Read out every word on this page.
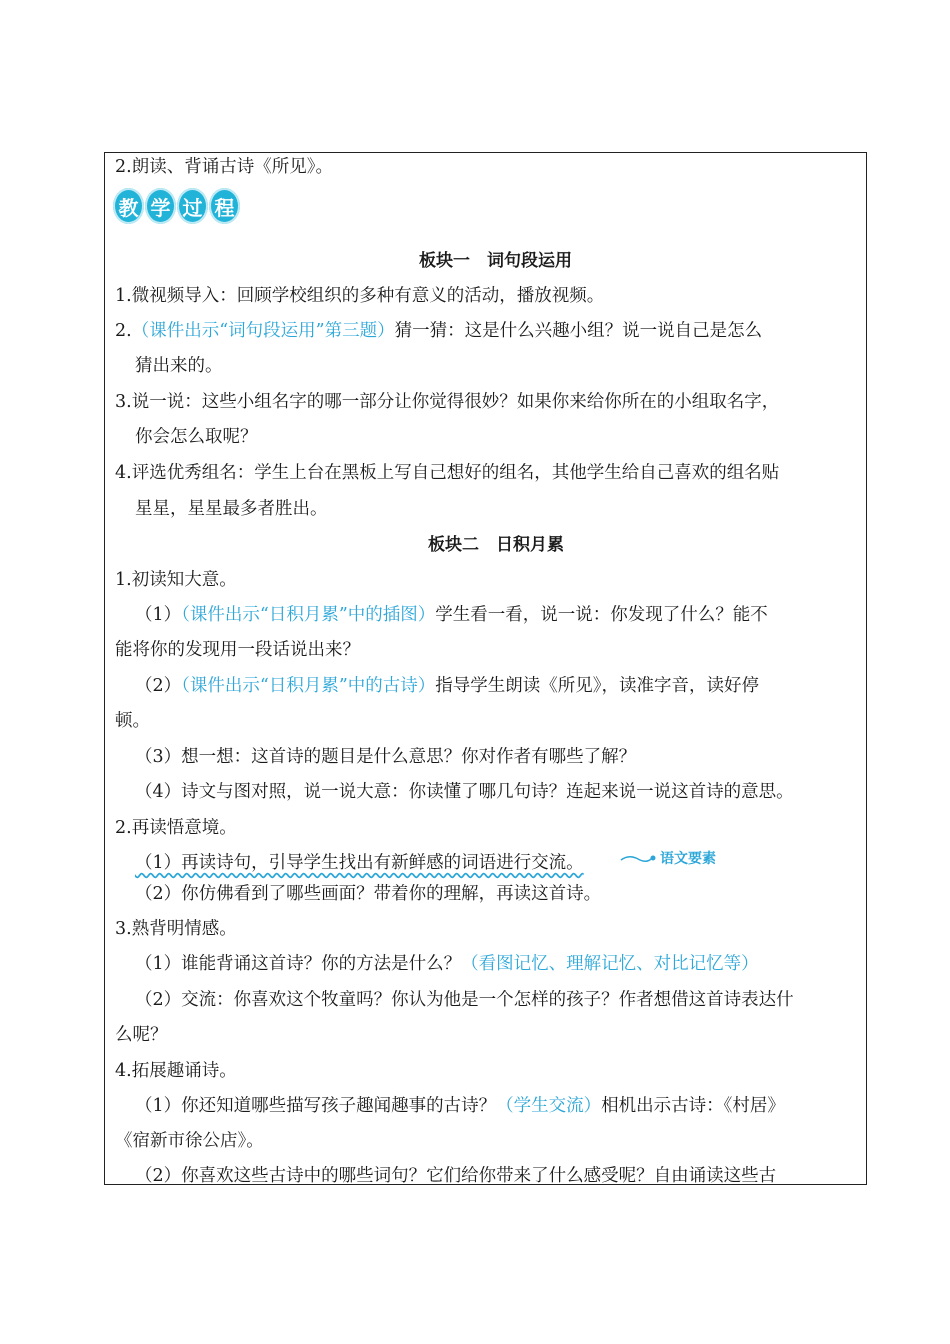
教 学 过 程
2.朗读、背诵古诗《所见》。
板块一　词句段运用
1.微视频导入：回顾学校组织的多种有意义的活动，播放视频。
2.（课件出示“词句段运用”第三题）猜一猜：这是什么兴趣小组？说一说自己是怎么
猜出来的。
3.说一说：这些小组名字的哪一部分让你觉得很妙？如果你来给你所在的小组取名字，
你会怎么取呢？
4.评选优秀组名：学生上台在黑板上写自己想好的组名，其他学生给自己喜欢的组名贴
星星，星星最多者胜出。
板块二　日积月累
1.初读知大意。
（1）（课件出示“日积月累”中的插图）学生看一看，说一说：你发现了什么？能不
能将你的发现用一段话说出来？
（2）（课件出示“日积月累”中的古诗）指导学生朗读《所见》，读准字音，读好停
顿。
（3）想一想：这首诗的题目是什么意思？你对作者有哪些了解？
（4）诗文与图对照，说一说大意：你读懂了哪几句诗？连起来说一说这首诗的意思。
2.再读悟意境。
（1）再读诗句，引导学生找出有新鲜感的词语进行交流。	语文要素
（2）你仿佛看到了哪些画面？带着你的理解，再读这首诗。
3.熟背明情感。
（1）谁能背诵这首诗？你的方法是什么？（看图记忆、理解记忆、对比记忆等）
（2）交流：你喜欢这个牧童吗？你认为他是一个怎样的孩子？作者想借这首诗表达什
么呢？
4.拓展趣诵诗。
（1）你还知道哪些描写孩子趣闻趣事的古诗？（学生交流）相机出示古诗：《村居》
《宿新市徐公店》。
（2）你喜欢这些古诗中的哪些词句？它们给你带来了什么感受呢？自由诵读这些古
